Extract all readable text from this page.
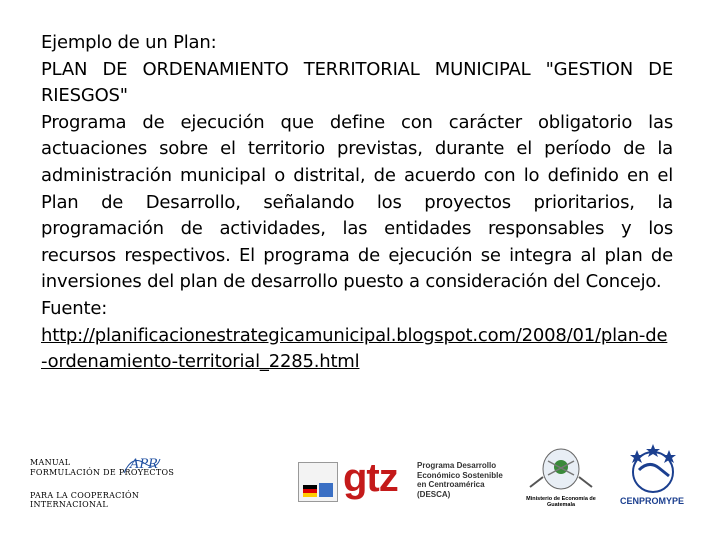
Ejemplo de un Plan:

PLAN DE ORDENAMIENTO TERRITORIAL MUNICIPAL "GESTION DE RIESGOS"

Programa de ejecución que define con carácter obligatorio las actuaciones sobre el territorio previstas, durante el período de la administración municipal o distrital, de acuerdo con lo definido en el Plan de Desarrollo, señalando los proyectos prioritarios, la programación de actividades, las entidades responsables y los recursos respectivos. El programa de ejecución se integra al plan de inversiones del plan de desarrollo puesto a consideración del Concejo.

Fuente:

http://planificacionestrategicamunicipal.blogspot.com/2008/01/plan-de-ordenamiento-territorial_2285.html
MANUAL
FORMULACIÓN DE PROYECTOS
PARA LA COOPERACIÓN INTERNACIONAL
APR	gtz Programa Desarrollo
Económico Sostenible
en Centroamérica
(DESCA)
Ministerio de Economía de Guatemala	CENPROMYPE
